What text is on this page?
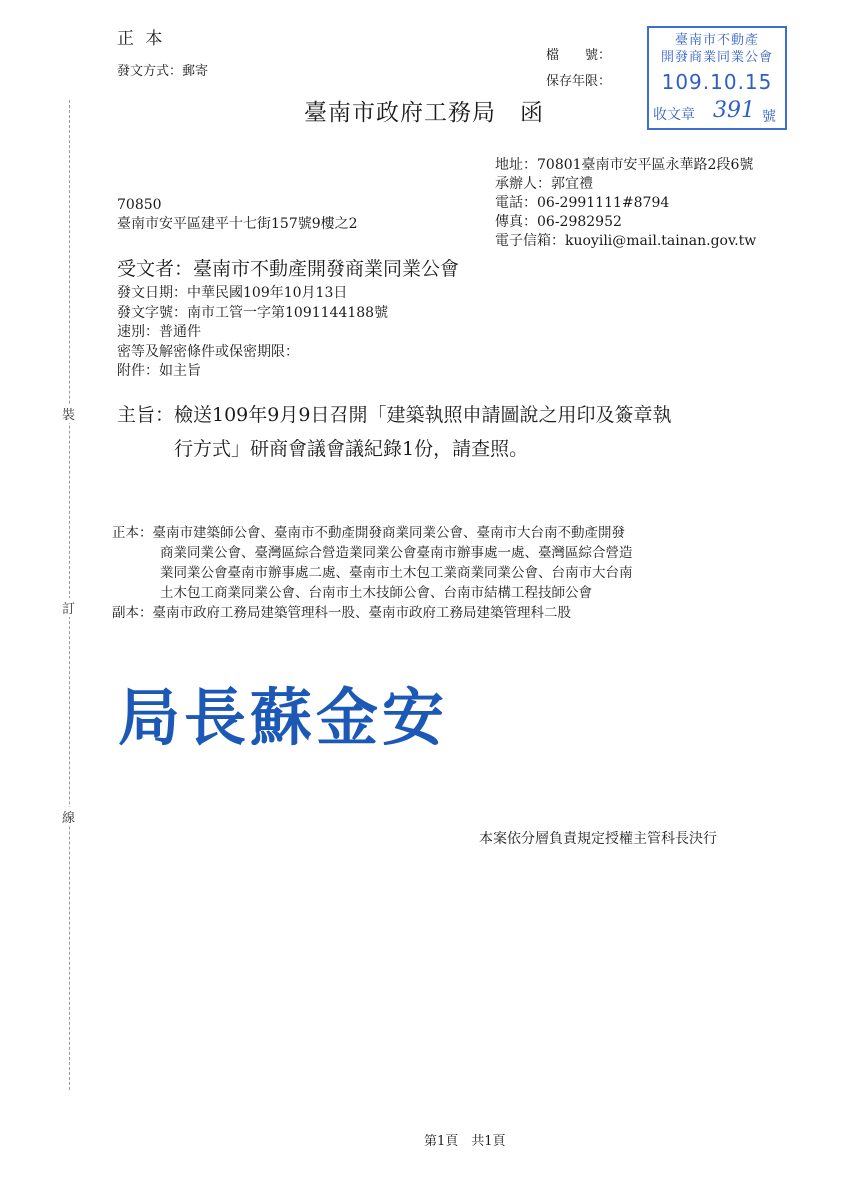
裝
訂
線
正 本
發文方式：郵寄
檔　　號：
保存年限：
臺南市不動產
開發商業同業公會
109.10.15
收文章 391 號
臺南市政府工務局　函
地址：70801臺南市安平區永華路2段6號
承辦人：郭宜禮
電話：06-2991111#8794
傳真：06-2982952
電子信箱：kuoyili@mail.tainan.gov.tw
70850
臺南市安平區建平十七街157號9樓之2
受文者：臺南市不動產開發商業同業公會
發文日期：中華民國109年10月13日
發文字號：南市工管一字第1091144188號
速別：普通件
密等及解密條件或保密期限：
附件：如主旨
主旨：檢送109年9月9日召開「建築執照申請圖說之用印及簽章執
行方式」研商會議會議紀錄1份，請查照。
正本：臺南市建築師公會、臺南市不動產開發商業同業公會、臺南市大台南不動產開發
商業同業公會、臺灣區綜合營造業同業公會臺南市辦事處一處、臺灣區綜合營造
業同業公會臺南市辦事處二處、臺南市土木包工業商業同業公會、台南市大台南
土木包工商業同業公會、台南市土木技師公會、台南市結構工程技師公會
副本：臺南市政府工務局建築管理科一股、臺南市政府工務局建築管理科二股
局長蘇金安
本案依分層負責規定授權主管科長決行
第1頁　共1頁
